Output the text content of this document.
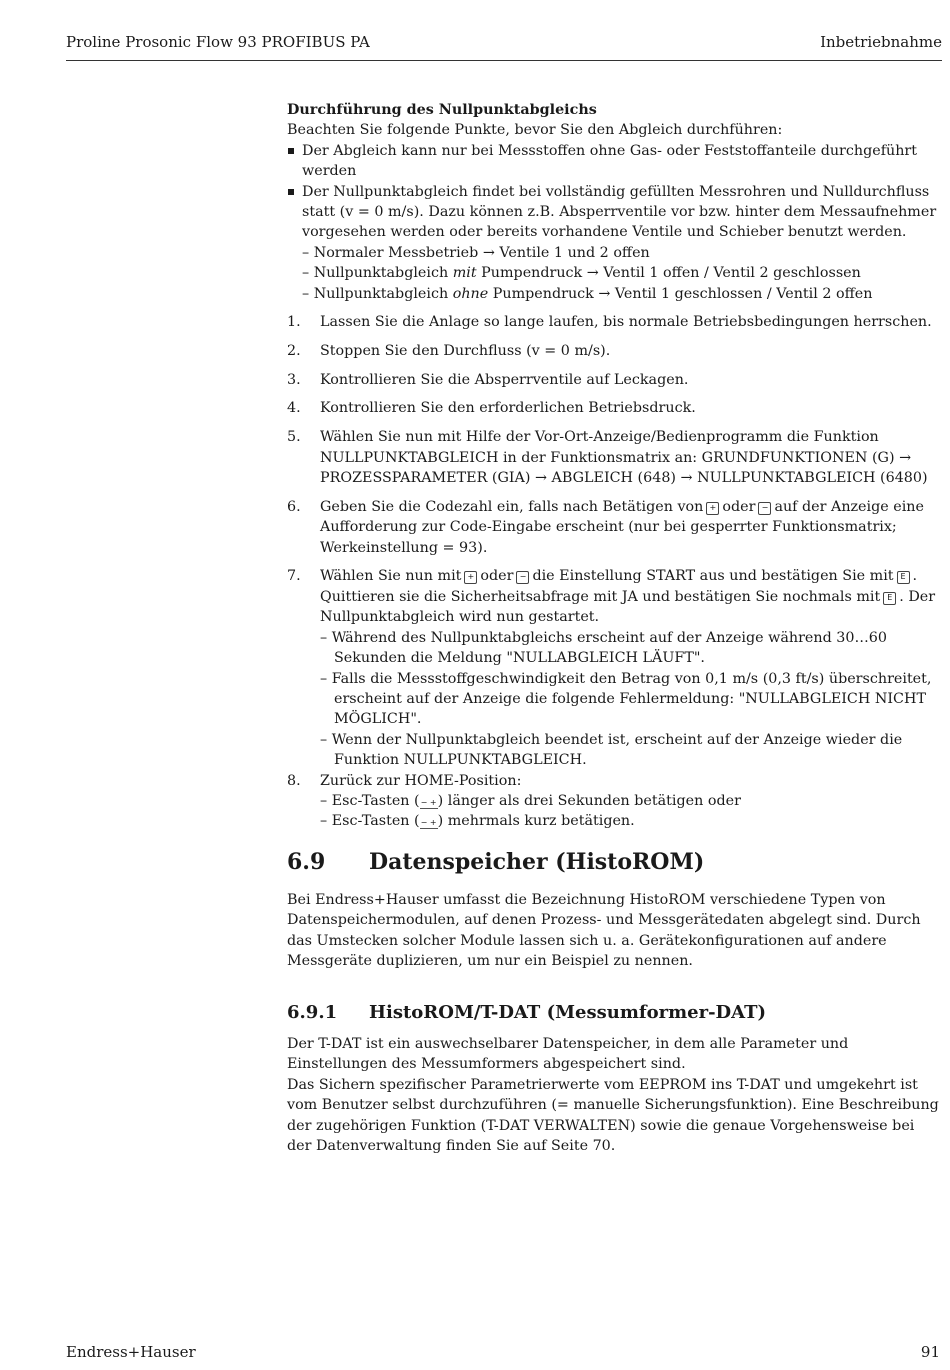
Proline Prosonic Flow 93 PROFIBUS PA	Inbetriebnahme

Durchführung des Nullpunktabgleichs

Beachten Sie folgende Punkte, bevor Sie den Abgleich durchführen:

Der Abgleich kann nur bei Messstoffen ohne Gas- oder Feststoffanteile durchgeführt werden
Der Nullpunktabgleich findet bei vollständig gefüllten Messrohren und Nulldurchfluss statt (v = 0 m/s). Dazu können z.B. Absperrventile vor bzw. hinter dem Messaufnehmer vorgesehen werden oder bereits vorhandene Ventile und Schieber benutzt werden.
– Normaler Messbetrieb → Ventile 1 und 2 offen
– Nullpunktabgleich mit Pumpendruck → Ventil 1 offen / Ventil 2 geschlossen
– Nullpunktabgleich ohne Pumpendruck → Ventil 1 geschlossen / Ventil 2 offen
1. Lassen Sie die Anlage so lange laufen, bis normale Betriebsbedingungen herrschen.
2. Stoppen Sie den Durchfluss (v = 0 m/s).
3. Kontrollieren Sie die Absperrventile auf Leckagen.
4. Kontrollieren Sie den erforderlichen Betriebsdruck.
5. Wählen Sie nun mit Hilfe der Vor-Ort-Anzeige/Bedienprogramm die Funktion NULLPUNKTABGLEICH in der Funktionsmatrix an: GRUNDFUNKTIONEN (G) → PROZESSPARAMETER (GIA) → ABGLEICH (648) → NULLPUNKTABGLEICH (6480)
6. Geben Sie die Codezahl ein, falls nach Betätigen von + oder − auf der Anzeige eine Aufforderung zur Code-Eingabe erscheint (nur bei gesperrter Funktionsmatrix; Werkeinstellung = 93).
7. Wählen Sie nun mit + oder − die Einstellung START aus und bestätigen Sie mit E . Quittieren sie die Sicherheitsabfrage mit JA und bestätigen Sie nochmals mit E . Der Nullpunktabgleich wird nun gestartet.
– Während des Nullpunktabgleichs erscheint auf der Anzeige während 30…60 Sekunden die Meldung "NULLABGLEICH LÄUFT".
– Falls die Messstoffgeschwindigkeit den Betrag von 0,1 m/s (0,3 ft/s) überschreitet, erscheint auf der Anzeige die folgende Fehlermeldung: "NULLABGLEICH NICHT MÖGLICH".
– Wenn der Nullpunktabgleich beendet ist, erscheint auf der Anzeige wieder die Funktion NULLPUNKTABGLEICH.
8. Zurück zur HOME-Position:
– Esc-Tasten (− +) länger als drei Sekunden betätigen oder
– Esc-Tasten (− +) mehrmals kurz betätigen.
6.9 Datenspeicher (HistoROM)

Bei Endress+Hauser umfasst die Bezeichnung HistoROM verschiedene Typen von Datenspeichermodulen, auf denen Prozess- und Messgerätedaten abgelegt sind. Durch das Umstecken solcher Module lassen sich u. a. Gerätekonfigurationen auf andere Messgeräte duplizieren, um nur ein Beispiel zu nennen.

6.9.1 HistoROM/T-DAT (Messumformer-DAT)

Der T-DAT ist ein auswechselbarer Datenspeicher, in dem alle Parameter und Einstellungen des Messumformers abgespeichert sind.

Das Sichern spezifischer Parametrierwerte vom EEPROM ins T-DAT und umgekehrt ist vom Benutzer selbst durchzuführen (= manuelle Sicherungsfunktion). Eine Beschreibung der zugehörigen Funktion (T-DAT VERWALTEN) sowie die genaue Vorgehensweise bei der Datenverwaltung finden Sie auf Seite 70.

Endress+Hauser	91
